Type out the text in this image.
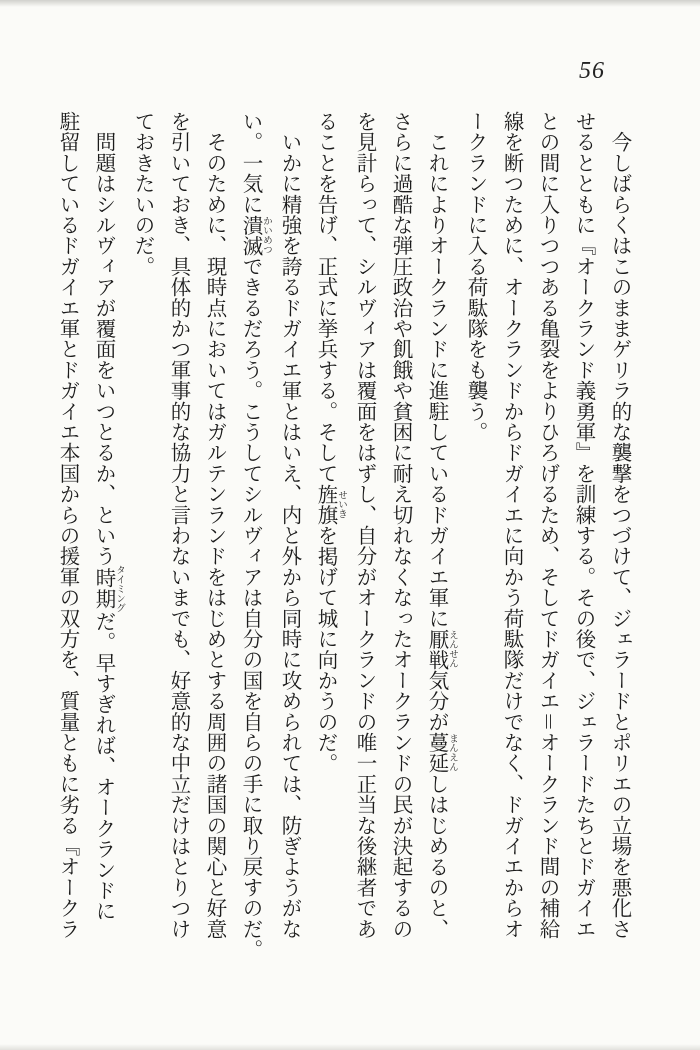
56
　今しばらくはこのままゲリラ的な襲撃をつづけて、ジェラードとポリエの立場を悪化さ
せるとともに『オークランド義勇軍』を訓練する。その後で、ジェラードたちとドガイエ
との間に入りつつある亀裂をよりひろげるため、そしてドガイエ＝オークランド間の補給
線を断つために、オークランドからドガイエに向かう荷駄隊だけでなく、ドガイエからオ
ークランドに入る荷駄隊をも襲う。
　これによりオークランドに進駐しているドガイエ軍に厭戦 えんせん気分が蔓延 まんえんしはじめるのと、
さらに過酷な弾圧政治や飢餓や貧困に耐え切れなくなったオークランドの民が決起するの
を見計らって、シルヴィアは覆面をはずし、自分がオークランドの唯一正当な後継者であ
ることを告げ、正式に挙兵する。そして旌旗 せいきを掲げて城に向かうのだ。
　いかに精強を誇るドガイエ軍とはいえ、内と外から同時に攻められては、防ぎようがな
い。一気に潰滅 かいめつできるだろう。こうしてシルヴィアは自分の国を自らの手に取り戻すのだ。
　そのために、現時点においてはガルテンランドをはじめとする周囲の諸国の関心と好意
を引いておき、具体的かつ軍事的な協力と言わないまでも、好意的な中立だけはとりつけ
ておきたいのだ。
　問題はシルヴィアが覆面をいつとるか、という時期 タイミングだ。早すぎれば、オークランドに
駐留しているドガイエ軍とドガイエ本国からの援軍の双方を、質量ともに劣る『オークラ
